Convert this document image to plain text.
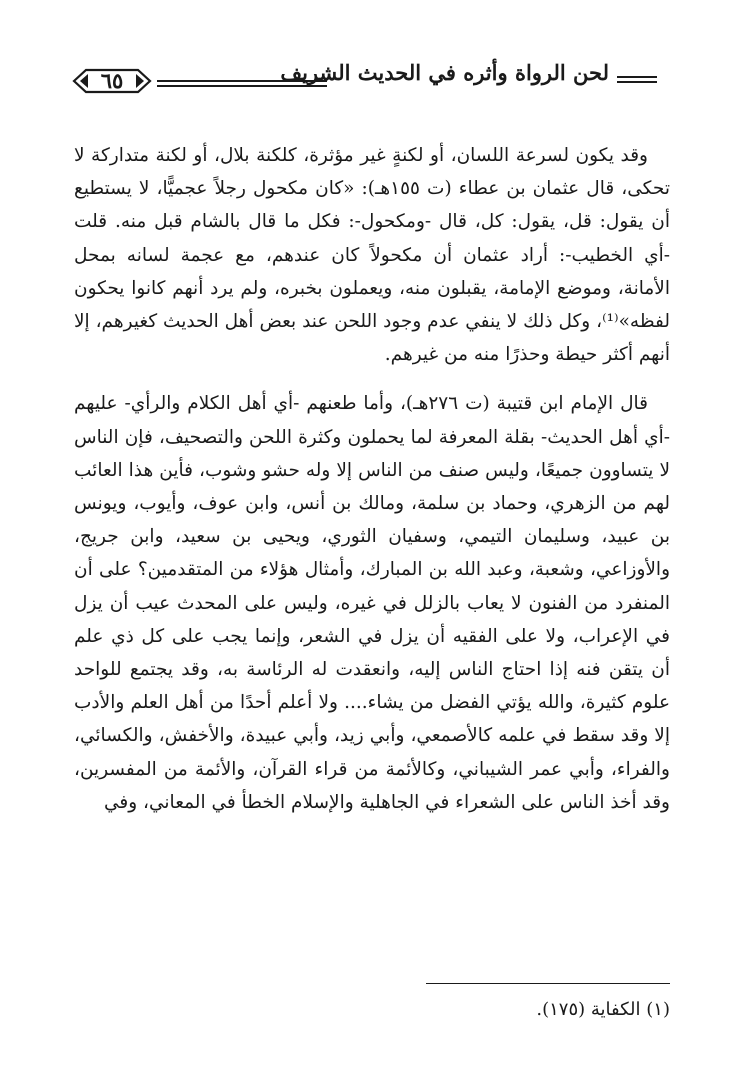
٦٥	لحن الرواة وأثره في الحديث الشريف

وقد يكون لسرعة اللسان، أو لكنةٍ غير مؤثرة، كلكنة بلال، أو لكنة متداركة لا تحكى، قال عثمان بن عطاء (ت ١٥٥هـ): «كان مكحول رجلاً عجميًّا، لا يستطيع أن يقول: قل، يقول: كل، قال -ومكحول-: فكل ما قال بالشام قبل منه. قلت -أي الخطيب-: أراد عثمان أن مكحولاً كان عندهم، مع عجمة لسانه بمحل الأمانة، وموضع الإمامة، يقبلون منه، ويعملون بخبره، ولم يرد أنهم كانوا يحكون لفظه»⁽¹⁾، وكل ذلك لا ينفي عدم وجود اللحن عند بعض أهل الحديث كغيرهم، إلا أنهم أكثر حيطة وحذرًا منه من غيرهم.

قال الإمام ابن قتيبة (ت ٢٧٦هـ)، وأما طعنهم -أي أهل الكلام والرأي- عليهم -أي أهل الحديث- بقلة المعرفة لما يحملون وكثرة اللحن والتصحيف، فإن الناس لا يتساوون جميعًا، وليس صنف من الناس إلا وله حشو وشوب، فأين هذا العائب لهم من الزهري، وحماد بن سلمة، ومالك بن أنس، وابن عوف، وأيوب، ويونس بن عبيد، وسليمان التيمي، وسفيان الثوري، ويحيى بن سعيد، وابن جريج، والأوزاعي، وشعبة، وعبد الله بن المبارك، وأمثال هؤلاء من المتقدمين؟ على أن المنفرد من الفنون لا يعاب بالزلل في غيره، وليس على المحدث عيب أن يزل في الإعراب، ولا على الفقيه أن يزل في الشعر، وإنما يجب على كل ذي علم أن يتقن فنه إذا احتاج الناس إليه، وانعقدت له الرئاسة به، وقد يجتمع للواحد علوم كثيرة، والله يؤتي الفضل من يشاء.... ولا أعلم أحدًا من أهل العلم والأدب إلا وقد سقط في علمه كالأصمعي، وأبي زيد، وأبي عبيدة، والأخفش، والكسائي، والفراء، وأبي عمر الشيباني، وكالأئمة من قراء القرآن، والأئمة من المفسرين، وقد أخذ الناس على الشعراء في الجاهلية والإسلام الخطأ في المعاني، وفي

(١) الكفاية (١٧٥).
